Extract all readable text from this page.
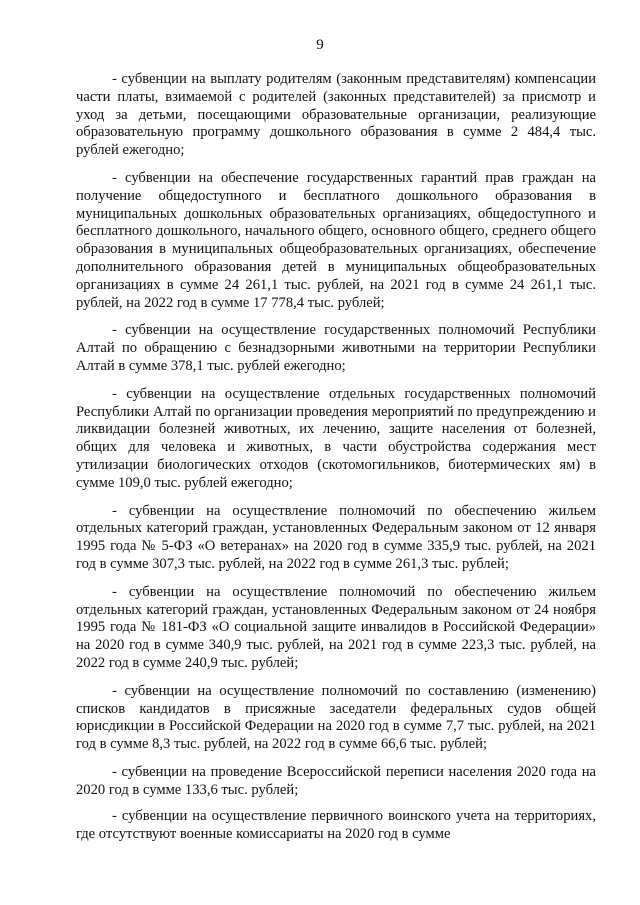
9

- субвенции на выплату родителям (законным представителям) компенсации части платы, взимаемой с родителей (законных представителей) за присмотр и уход за детьми, посещающими образовательные организации, реализующие образовательную программу дошкольного образования в сумме 2 484,4 тыс. рублей ежегодно;

- субвенции на обеспечение государственных гарантий прав граждан на получение общедоступного и бесплатного дошкольного образования в муниципальных дошкольных образовательных организациях, общедоступного и бесплатного дошкольного, начального общего, основного общего, среднего общего образования в муниципальных общеобразовательных организациях, обеспечение дополнительного образования детей в муниципальных общеобразовательных организациях в сумме 24 261,1 тыс. рублей, на 2021 год в сумме 24 261,1 тыс. рублей, на 2022 год в сумме 17 778,4 тыс. рублей;

- субвенции на осуществление государственных полномочий Республики Алтай по обращению с безнадзорными животными на территории Республики Алтай в сумме 378,1 тыс. рублей ежегодно;

- субвенции на осуществление отдельных государственных полномочий Республики Алтай по организации проведения мероприятий по предупреждению и ликвидации болезней животных, их лечению, защите населения от болезней, общих для человека и животных, в части обустройства содержания мест утилизации биологических отходов (скотомогильников, биотермических ям) в сумме 109,0 тыс. рублей ежегодно;

- субвенции на осуществление полномочий по обеспечению жильем отдельных категорий граждан, установленных Федеральным законом от 12 января 1995 года № 5-ФЗ «О ветеранах» на 2020 год в сумме 335,9 тыс. рублей, на 2021 год в сумме 307,3 тыс. рублей, на 2022 год в сумме 261,3 тыс. рублей;

- субвенции на осуществление полномочий по обеспечению жильем отдельных категорий граждан, установленных Федеральным законом от 24 ноября 1995 года № 181-ФЗ «О социальной защите инвалидов в Российской Федерации» на 2020 год в сумме 340,9 тыс. рублей, на 2021 год в сумме 223,3 тыс. рублей, на 2022 год в сумме 240,9 тыс. рублей;

- субвенции на осуществление полномочий по составлению (изменению) списков кандидатов в присяжные заседатели федеральных судов общей юрисдикции в Российской Федерации на 2020 год в сумме 7,7 тыс. рублей, на 2021 год в сумме 8,3 тыс. рублей, на 2022 год в сумме 66,6 тыс. рублей;

- субвенции на проведение Всероссийской переписи населения 2020 года на 2020 год в сумме 133,6 тыс. рублей;

- субвенции на осуществление первичного воинского учета на территориях, где отсутствуют военные комиссариаты на 2020 год в сумме
